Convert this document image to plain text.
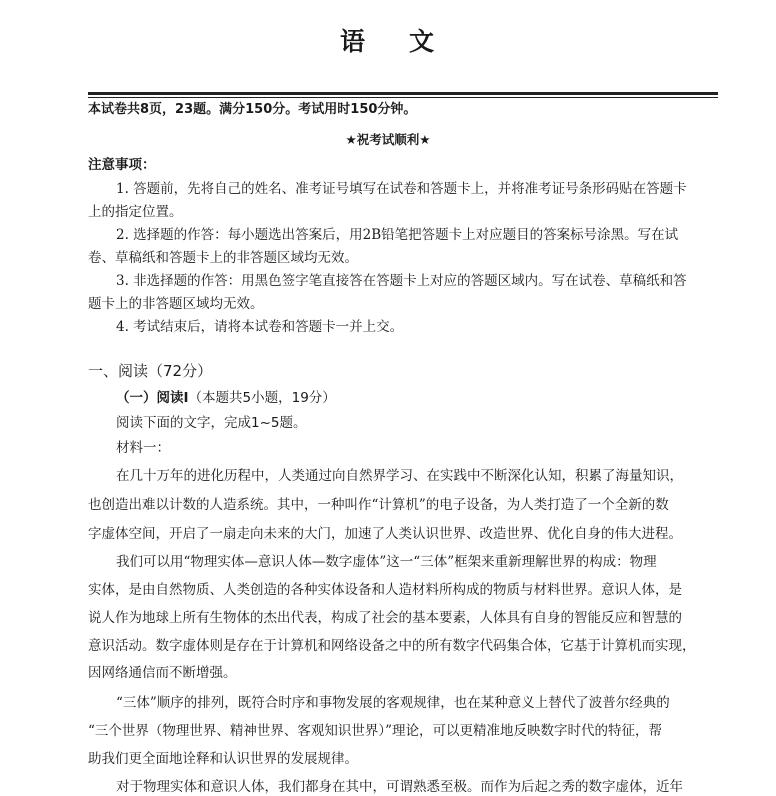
语 文
本试卷共8页，23题。满分150分。考试用时150分钟。
★祝考试顺利★
注意事项：
1. 答题前，先将自己的姓名、准考证号填写在试卷和答题卡上，并将准考证号条形码贴在答题卡
上的指定位置。
2. 选择题的作答：每小题选出答案后，用2B铅笔把答题卡上对应题目的答案标号涂黑。写在试
卷、草稿纸和答题卡上的非答题区域均无效。
3. 非选择题的作答：用黑色签字笔直接答在答题卡上对应的答题区域内。写在试卷、草稿纸和答
题卡上的非答题区域均无效。
4. 考试结束后，请将本试卷和答题卡一并上交。
一、阅读（72分）
（一）阅读Ⅰ（本题共5小题，19分）
阅读下面的文字，完成1~5题。
材料一：
在几十万年的进化历程中，人类通过向自然界学习、在实践中不断深化认知，积累了海量知识，
也创造出难以计数的人造系统。其中，一种叫作“计算机”的电子设备，为人类打造了一个全新的数
字虚体空间，开启了一扇走向未来的大门，加速了人类认识世界、改造世界、优化自身的伟大进程。
我们可以用“物理实体—意识人体—数字虚体”这一“三体”框架来重新理解世界的构成：物理
实体，是由自然物质、人类创造的各种实体设备和人造材料所构成的物质与材料世界。意识人体，是
说人作为地球上所有生物体的杰出代表，构成了社会的基本要素，人体具有自身的智能反应和智慧的
意识活动。数字虚体则是存在于计算机和网络设备之中的所有数字代码集合体，它基于计算机而实现，
因网络通信而不断增强。
“三体”顺序的排列，既符合时序和事物发展的客观规律，也在某种意义上替代了波普尔经典的
“三个世界（物理世界、精神世界、客观知识世界）”理论，可以更精准地反映数字时代的特征，帮
助我们更全面地诠释和认识世界的发展规律。
对于物理实体和意识人体，我们都身在其中，可谓熟悉至极。而作为后起之秀的数字虚体，近年
